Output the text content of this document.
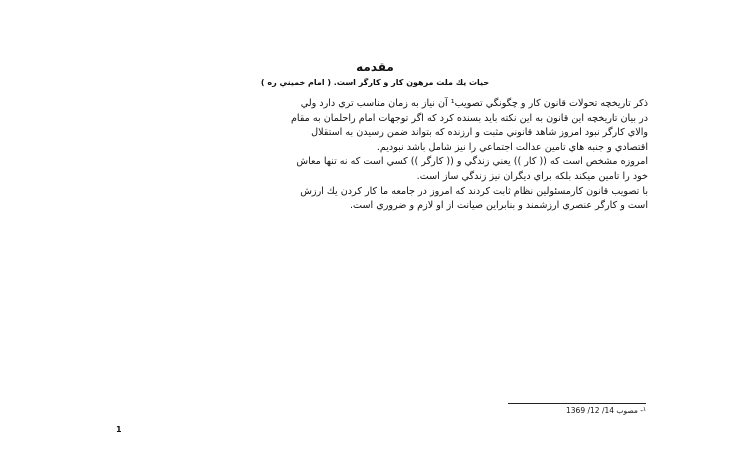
مقدمه
حيات يك ملت مرهون كار و كارگر است. ( امام خميني ره )
ذكر تاريخچه تحولات قانون كار و چگونگي تصويب¹ آن نياز به زمان مناسب تري دارد ولي
در بيان تاريخچه اين قانون به اين نكته بايد بسنده كرد كه اگر توجهات امام راحلمان به مقام
والاي كارگر نبود امروز شاهد قانوني مثبت و ارزنده كه بتواند ضمن رسيدن به استقلال
اقتصادي و جنبه هاي تامين عدالت اجتماعي را نيز شامل باشد نبوديم.
امروزه مشخص است كه (( كار )) يعني زندگي و (( كارگر )) كسي است كه نه تنها معاش
خود را تامين ميكند بلكه براي ديگران نيز زندگي ساز است.
با تصويب قانون كارمسئولين نظام ثابت كردند كه امروز در جامعه ما كار كردن يك ارزش
است و كارگر عنصري ارزشمند و بنابراين صيانت از او لازم و ضروري است.
¹- مصوب 14/ 12/ 1369
1
